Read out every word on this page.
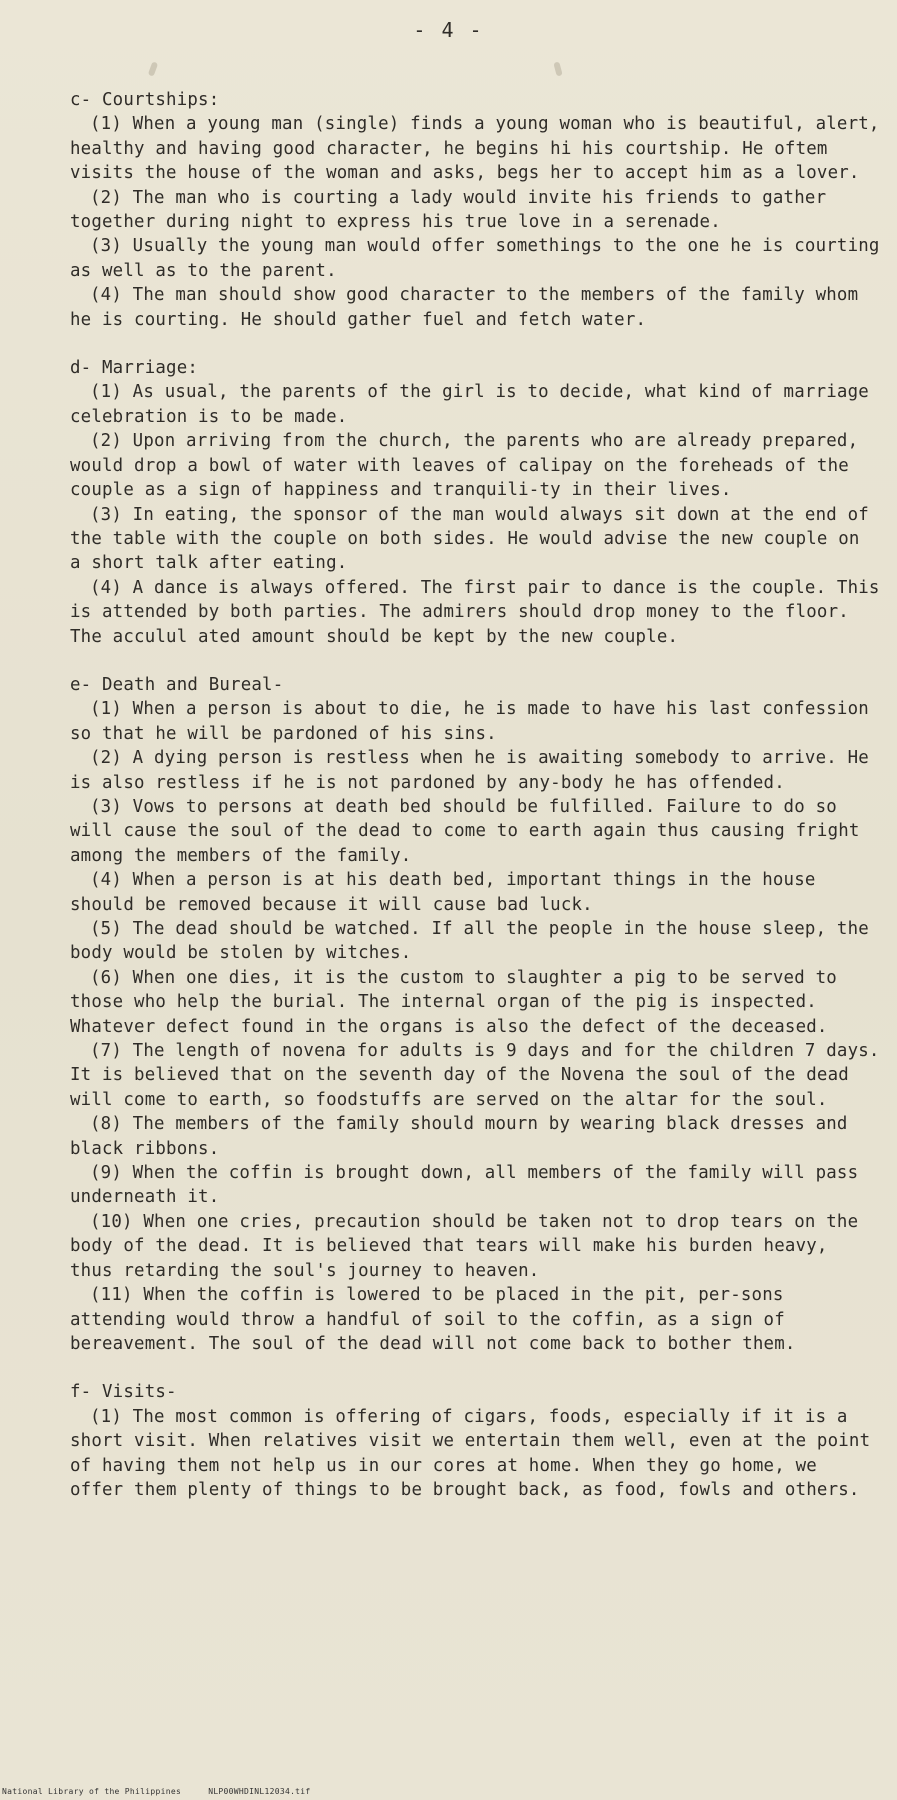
- 4 -

c- Courtships:

(1) When a young man (single) finds a young woman who is beautiful, alert, healthy and having good character, he begins hi his courtship. He oftem visits the house of the woman and asks, begs her to accept him as a lover.

(2) The man who is courting a lady would invite his friends to gather together during night to express his true love in a serenade.

(3) Usually the young man would offer somethings to the one he is courting as well as to the parent.

(4) The man should show good character to the members of the family whom he is courting. He should gather fuel and fetch water.

d- Marriage:

(1) As usual, the parents of the girl is to decide, what kind of marriage celebration is to be made.

(2) Upon arriving from the church, the parents who are already prepared, would drop a bowl of water with leaves of calipay on the foreheads of the couple as a sign of happiness and tranquili-ty in their lives.

(3) In eating, the sponsor of the man would always sit down at the end of the table with the couple on both sides. He would advise the new couple on a short talk after eating.

(4) A dance is always offered. The first pair to dance is the couple. This is attended by both parties. The admirers should drop money to the floor. The acculul ated amount should be kept by the new couple.

e- Death and Bureal-

(1) When a person is about to die, he is made to have his last confession so that he will be pardoned of his sins.

(2) A dying person is restless when he is awaiting somebody to arrive. He is also restless if he is not pardoned by any-body he has offended.

(3) Vows to persons at death bed should be fulfilled. Failure to do so will cause the soul of the dead to come to earth again thus causing fright among the members of the family.

(4) When a person is at his death bed, important things in the house should be removed because it will cause bad luck.

(5) The dead should be watched. If all the people in the house sleep, the body would be stolen by witches.

(6) When one dies, it is the custom to slaughter a pig to be served to those who help the burial. The internal organ of the pig is inspected. Whatever defect found in the organs is also the defect of the deceased.

(7) The length of novena for adults is 9 days and for the children 7 days. It is believed that on the seventh day of the Novena the soul of the dead will come to earth, so foodstuffs are served on the altar for the soul.

(8) The members of the family should mourn by wearing black dresses and black ribbons.

(9) When the coffin is brought down, all members of the family will pass underneath it.

(10) When one cries, precaution should be taken not to drop tears on the body of the dead. It is believed that tears will make his burden heavy, thus retarding the soul's journey to heaven.

(11) When the coffin is lowered to be placed in the pit, per-sons attending would throw a handful of soil to the coffin, as a sign of bereavement. The soul of the dead will not come back to bother them.

f- Visits-

(1) The most common is offering of cigars, foods, especially if it is a short visit. When relatives visit we entertain them well, even at the point of having them not help us in our cores at home. When they go home, we offer them plenty of things to be brought back, as food, fowls and others.

National Library of the Philippines	NLP00WHDINL12034.tif
